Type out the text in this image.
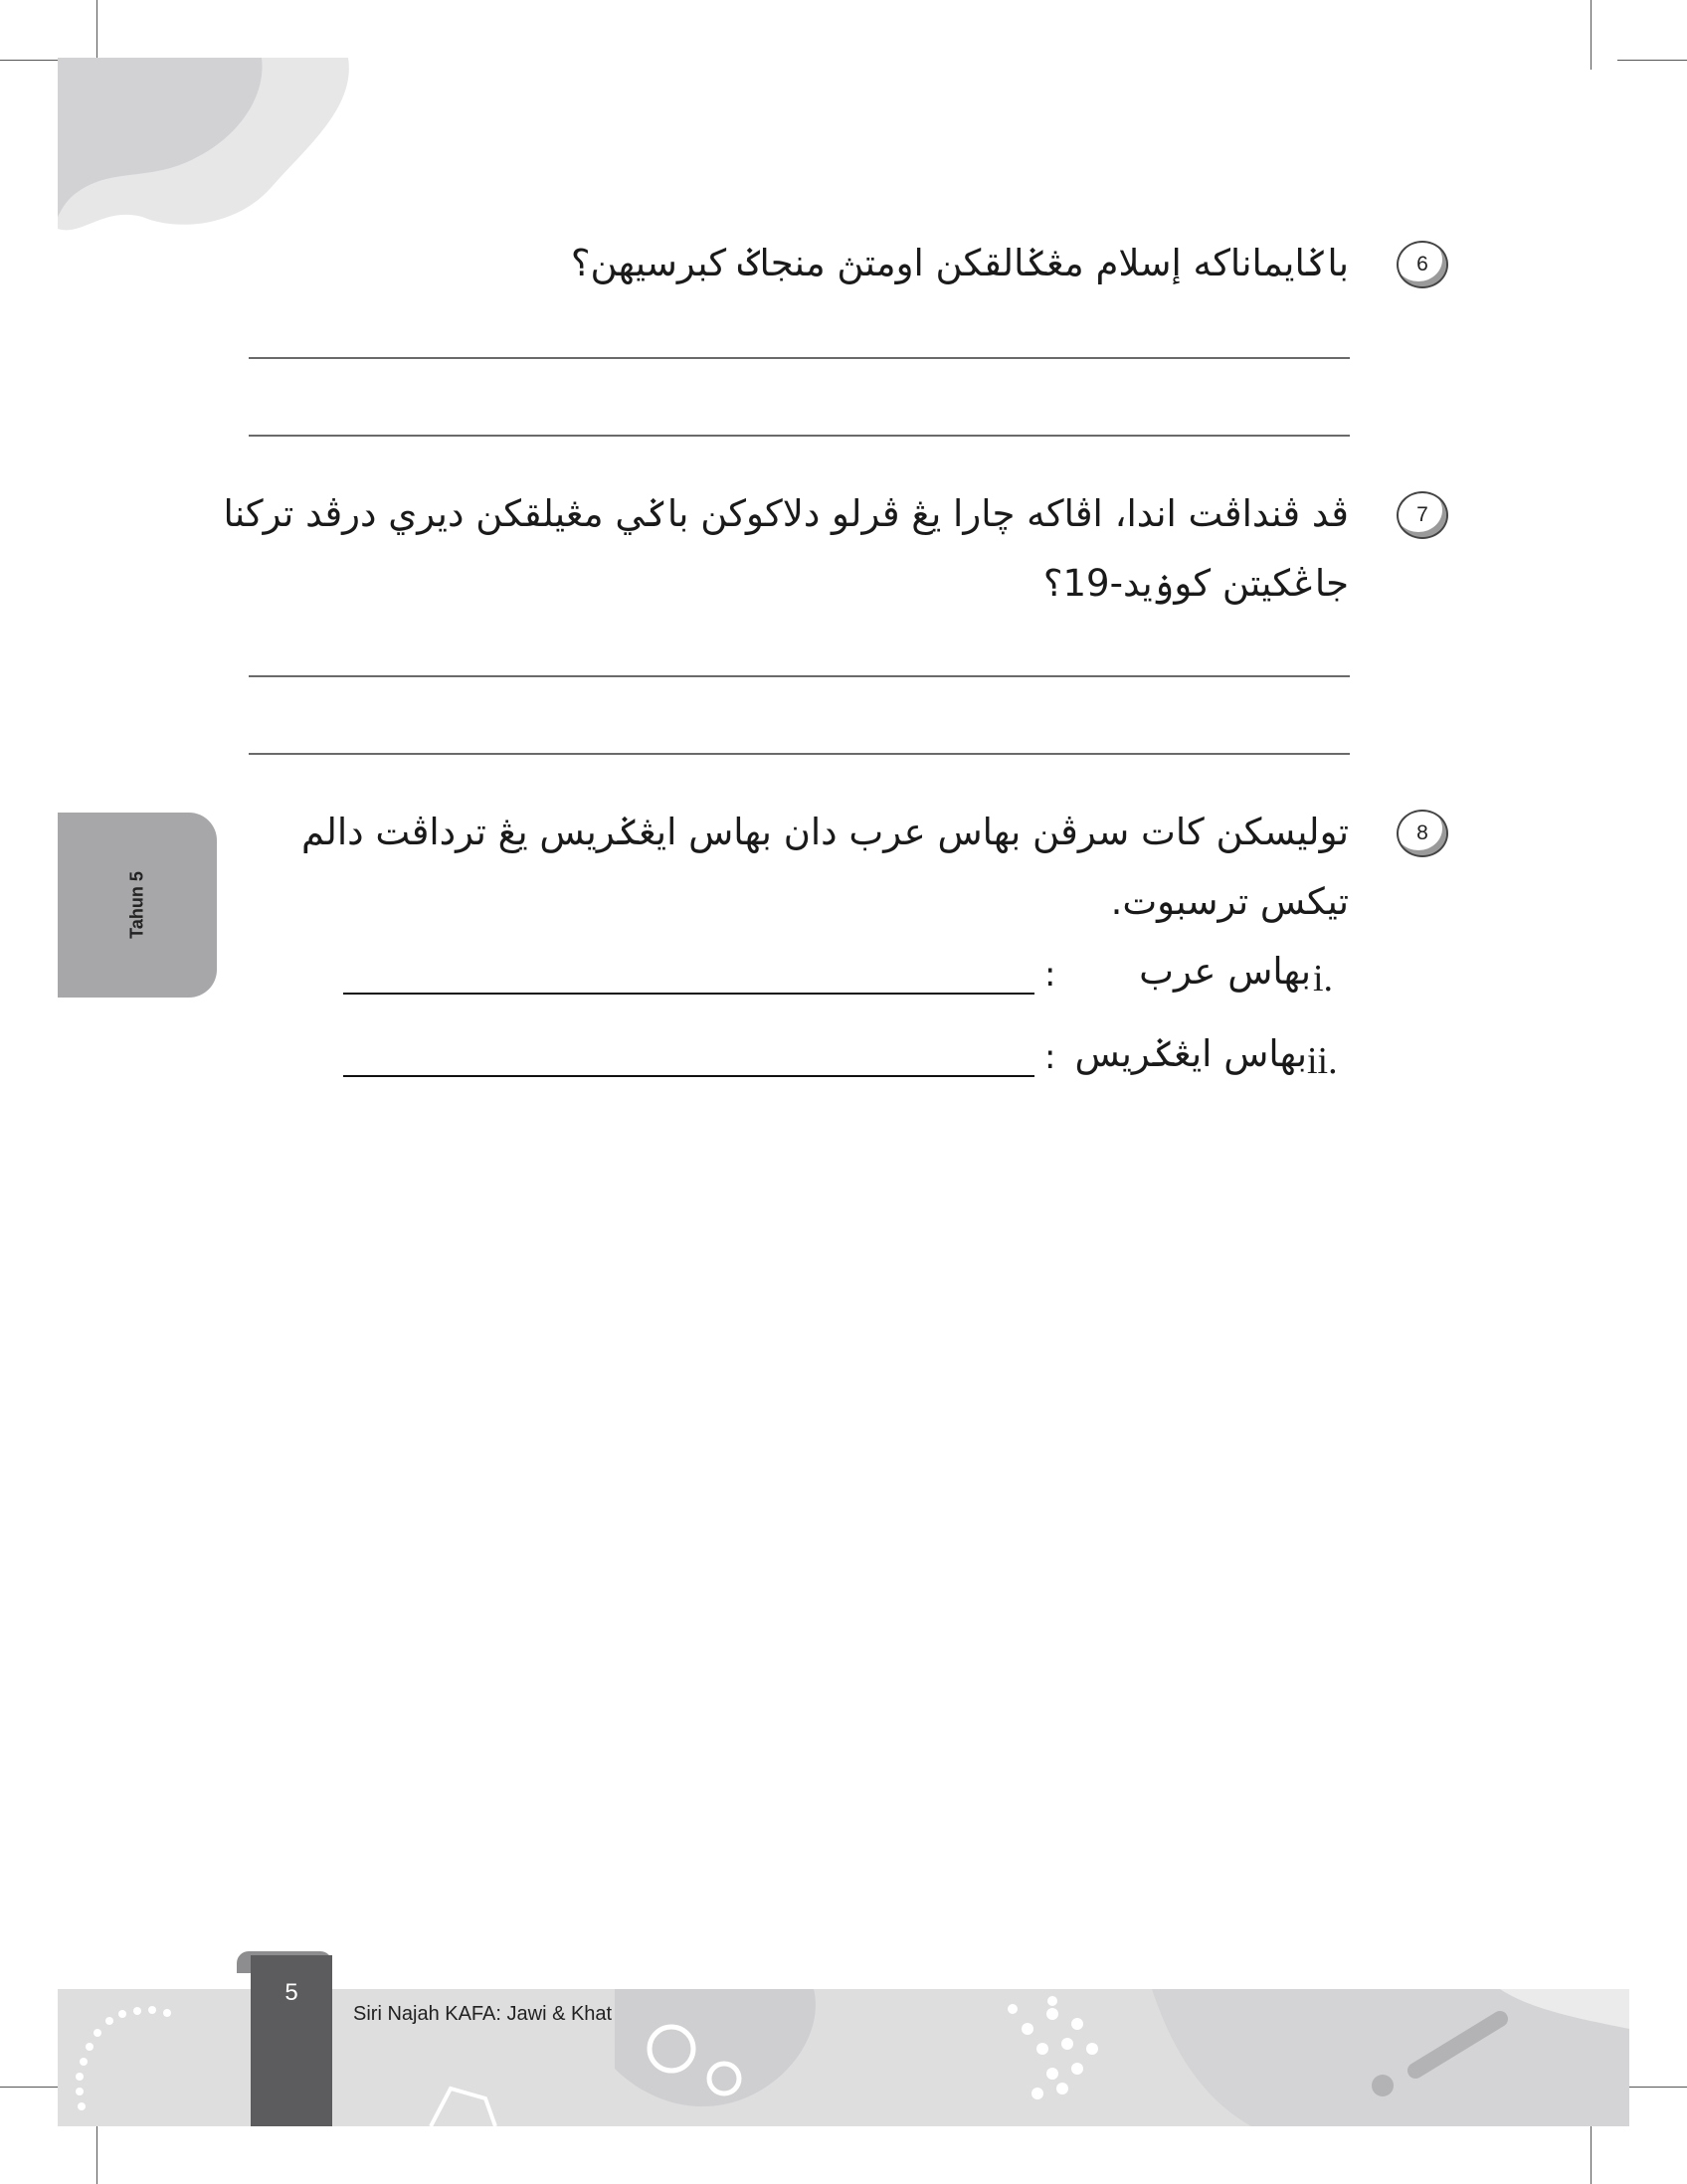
6
باݢايماناکه إسلام مڠݢالقکن اومتڽ منجاݢ کبرسيهن؟
7
ڤد ڤنداڤت اندا، اڤاکه چارا يڠ ڤرلو دلاکوکن باݢي مڠيلقکن ديري درڤد ترکنا
جاڠکيتن کوۏيد-19؟
8
توليسکن کات سرڤن بهاس عرب دان بهاس ايڠݢريس يڠ ترداڤت دالم
تيکس ترسبوت.
i.
بهاس عرب
:
ii.
بهاس ايڠݢريس
:
Tahun 5
5
Siri Najah KAFA: Jawi & Khat
